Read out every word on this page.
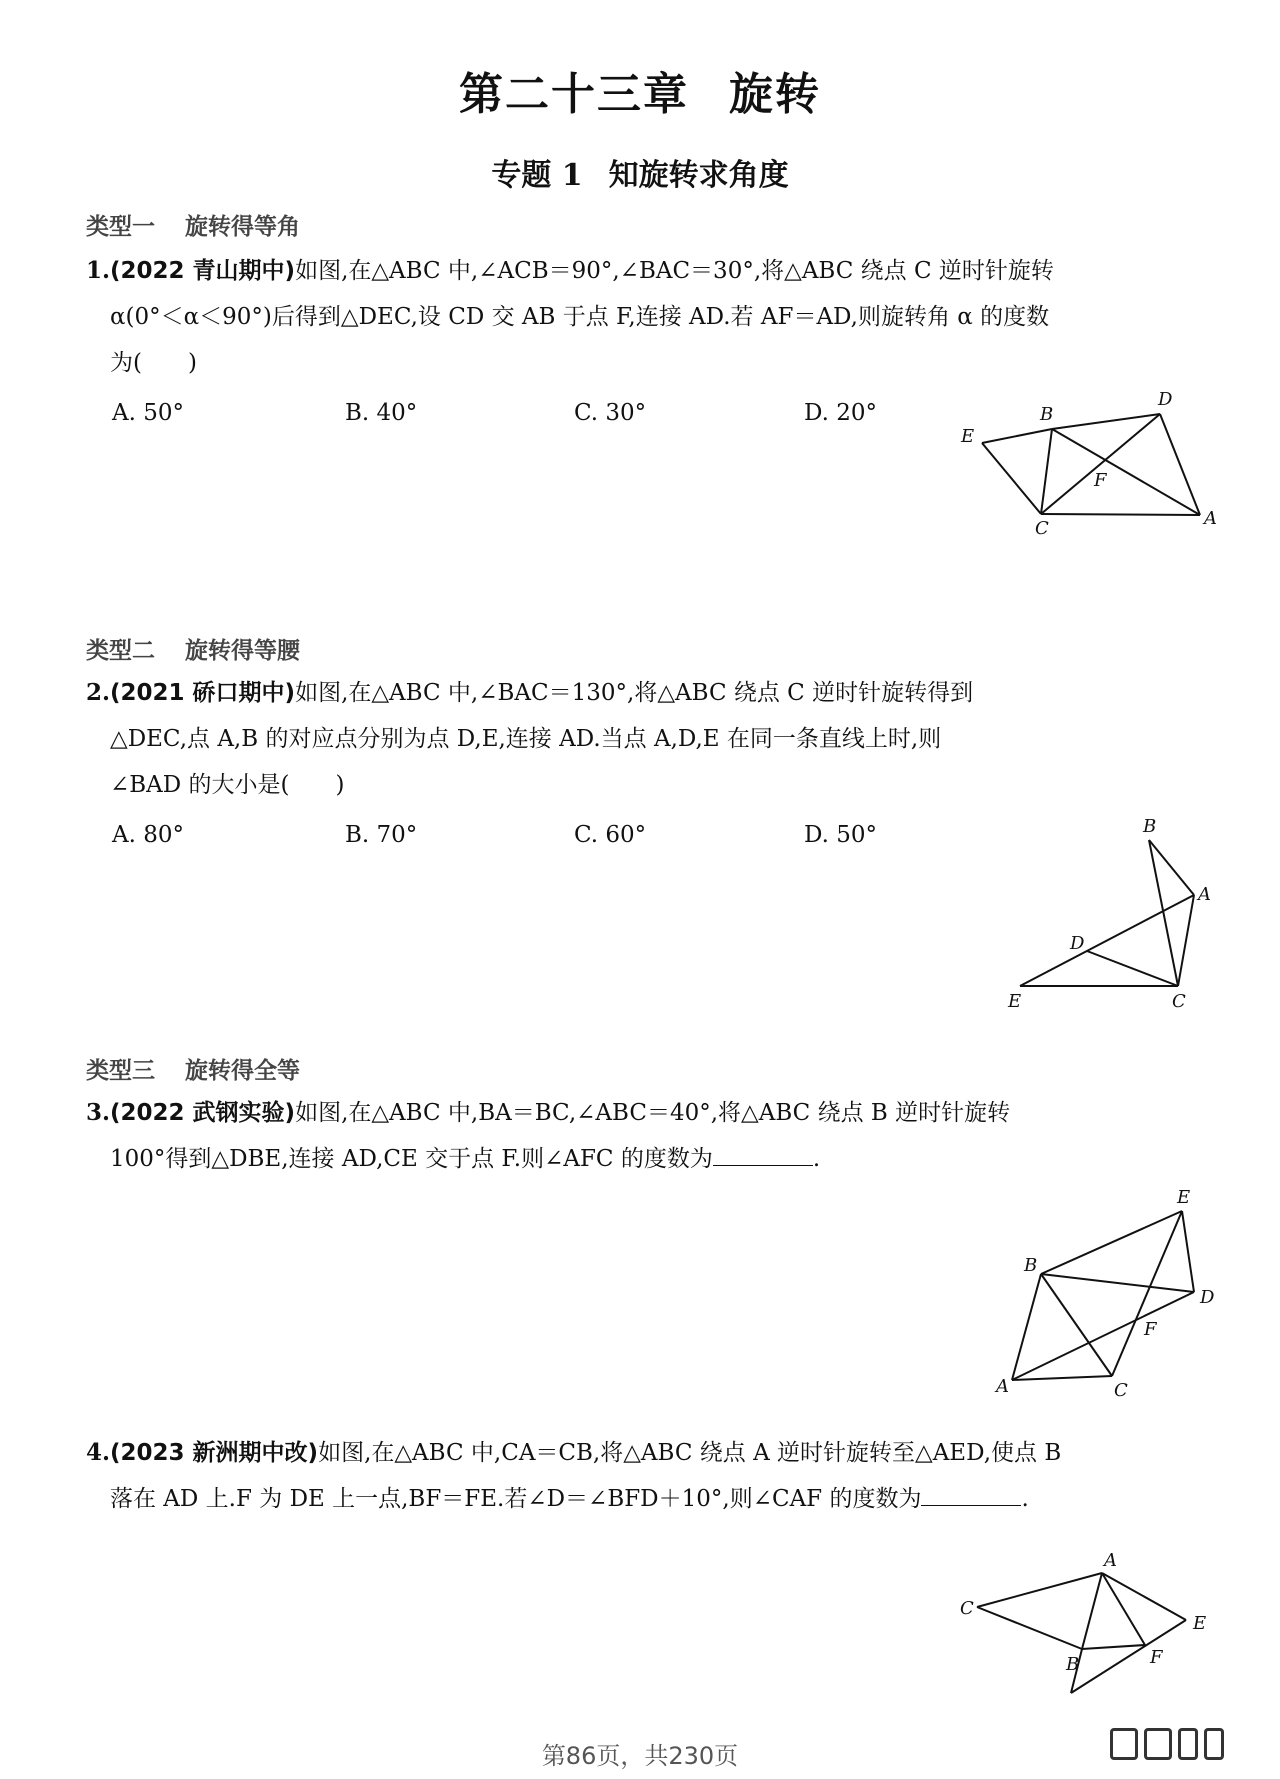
第二十三章 旋转
专题 1 知旋转求角度
类型一 旋转得等角
1.(2022 青山期中)如图,在△ABC 中,∠ACB＝90°,∠BAC＝30°,将△ABC 绕点 C 逆时针旋转
α(0°＜α＜90°)后得到△DEC,设 CD 交 AB 于点 F,连接 AD.若 AF＝AD,则旋转角 α 的度数
为(　　)
A. 50°	B. 40°	C. 30°	D. 20°	B
D
E
F
C	A
类型二 旋转得等腰
2.(2021 硚口期中)如图,在△ABC 中,∠BAC＝130°,将△ABC 绕点 C 逆时针旋转得到
△DEC,点 A,B 的对应点分别为点 D,E,连接 AD.当点 A,D,E 在同一条直线上时,则
∠BAD 的大小是(　　)
A. 80°	B. 70°	C. 60°	D. 50°	B
A
D
E	C
类型三 旋转得全等
3.(2022 武钢实验)如图,在△ABC 中,BA＝BC,∠ABC＝40°,将△ABC 绕点 B 逆时针旋转
100°得到△DBE,连接 AD,CE 交于点 F.则∠AFC 的度数为	.
E
B
D
F
A	C
4.(2023 新洲期中改)如图,在△ABC 中,CA＝CB,将△ABC 绕点 A 逆时针旋转至△AED,使点 B
落在 AD 上.F 为 DE 上一点,BF＝FE.若∠D＝∠BFD＋10°,则∠CAF 的度数为	.
A
C
E
F
B
第86页，共230页
